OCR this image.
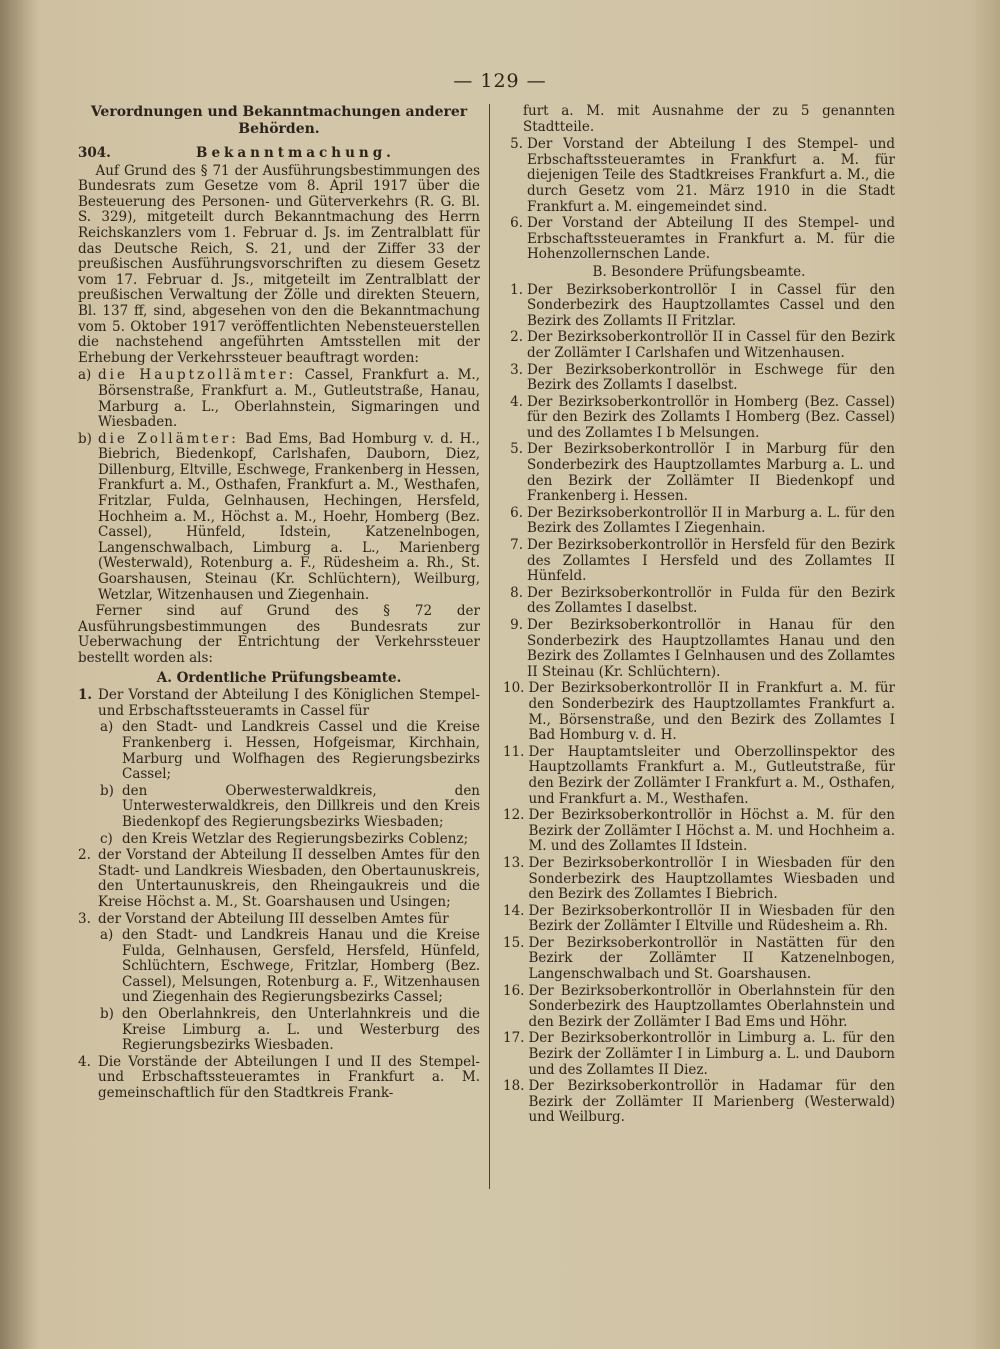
— 129 —
Verordnungen und Bekanntmachungen anderer Behörden.
304.	Bekanntmachung.
Auf Grund des § 71 der Ausführungsbestimmungen des Bundesrats zum Gesetze vom 8. April 1917 über die Besteuerung des Personen- und Güterverkehrs (R. G. Bl. S. 329), mitgeteilt durch Bekanntmachung des Herrn Reichskanzlers vom 1. Februar d. Js. im Zentralblatt für das Deutsche Reich, S. 21, und der Ziffer 33 der preußischen Ausführungsvorschriften zu diesem Gesetz vom 17. Februar d. Js., mitgeteilt im Zentralblatt der preußischen Verwaltung der Zölle und direkten Steuern, Bl. 137 ff, sind, abgesehen von den die Bekanntmachung vom 5. Oktober 1917 veröffentlichten Nebensteuerstellen die nachstehend angeführten Amtsstellen mit der Erhebung der Verkehrssteuer beauftragt worden:
a) die Hauptzollämter: Cassel, Frankfurt a. M., Börsenstraße, Frankfurt a. M., Gutleutstraße, Hanau, Marburg a. L., Oberlahnstein, Sigmaringen und Wiesbaden.
b) die Zollämter: Bad Ems, Bad Homburg v. d. H., Biebrich, Biedenkopf, Carlshafen, Dauborn, Diez, Dillenburg, Eltville, Eschwege, Frankenberg in Hessen, Frankfurt a. M., Osthafen, Frankfurt a. M., Westhafen, Fritzlar, Fulda, Gelnhausen, Hechingen, Hersfeld, Hochheim a. M., Höchst a. M., Hoehr, Homberg (Bez. Cassel), Hünfeld, Idstein, Katzenelnbogen, Langenschwalbach, Limburg a. L., Marienberg (Westerwald), Rotenburg a. F., Rüdesheim a. Rh., St. Goarshausen, Steinau (Kr. Schlüchtern), Weilburg, Wetzlar, Witzenhausen und Ziegenhain.
Ferner sind auf Grund des § 72 der Ausführungsbestimmungen des Bundesrats zur Ueberwachung der Entrichtung der Verkehrssteuer bestellt worden als:
A. Ordentliche Prüfungsbeamte.
1. Der Vorstand der Abteilung I des Königlichen Stempel- und Erbschaftssteueramts in Cassel für
a) den Stadt- und Landkreis Cassel und die Kreise Frankenberg i. Hessen, Hofgeismar, Kirchhain, Marburg und Wolfhagen des Regierungsbezirks Cassel;
b) den Oberwesterwaldkreis, den Unterwesterwaldkreis, den Dillkreis und den Kreis Biedenkopf des Regierungsbezirks Wiesbaden;
c) den Kreis Wetzlar des Regierungsbezirks Coblenz;
2. der Vorstand der Abteilung II desselben Amtes für den Stadt- und Landkreis Wiesbaden, den Obertaunuskreis, den Untertaunuskreis, den Rheingaukreis und die Kreise Höchst a. M., St. Goarshausen und Usingen;
3. der Vorstand der Abteilung III desselben Amtes für
a) den Stadt- und Landkreis Hanau und die Kreise Fulda, Gelnhausen, Gersfeld, Hersfeld, Hünfeld, Schlüchtern, Eschwege, Fritzlar, Homberg (Bez. Cassel), Melsungen, Rotenburg a. F., Witzenhausen und Ziegenhain des Regierungsbezirks Cassel;
b) den Oberlahnkreis, den Unterlahnkreis und die Kreise Limburg a. L. und Westerburg des Regierungsbezirks Wiesbaden.
4. Die Vorstände der Abteilungen I und II des Stempel- und Erbschaftssteueramtes in Frankfurt a. M. gemeinschaftlich für den Stadtkreis Frank-
furt a. M. mit Ausnahme der zu 5 genannten Stadtteile.
5. Der Vorstand der Abteilung I des Stempel- und Erbschaftssteueramtes in Frankfurt a. M. für diejenigen Teile des Stadtkreises Frankfurt a. M., die durch Gesetz vom 21. März 1910 in die Stadt Frankfurt a. M. eingemeindet sind.
6. Der Vorstand der Abteilung II des Stempel- und Erbschaftssteueramtes in Frankfurt a. M. für die Hohenzollernschen Lande.
B. Besondere Prüfungsbeamte.
1. Der Bezirksoberkontrollör I in Cassel für den Sonderbezirk des Hauptzollamtes Cassel und den Bezirk des Zollamts II Fritzlar.
2. Der Bezirksoberkontrollör II in Cassel für den Bezirk der Zollämter I Carlshafen und Witzenhausen.
3. Der Bezirksoberkontrollör in Eschwege für den Bezirk des Zollamts I daselbst.
4. Der Bezirksoberkontrollör in Homberg (Bez. Cassel) für den Bezirk des Zollamts I Homberg (Bez. Cassel) und des Zollamtes I b Melsungen.
5. Der Bezirksoberkontrollör I in Marburg für den Sonderbezirk des Hauptzollamtes Marburg a. L. und den Bezirk der Zollämter II Biedenkopf und Frankenberg i. Hessen.
6. Der Bezirksoberkontrollör II in Marburg a. L. für den Bezirk des Zollamtes I Ziegenhain.
7. Der Bezirksoberkontrollör in Hersfeld für den Bezirk des Zollamtes I Hersfeld und des Zollamtes II Hünfeld.
8. Der Bezirksoberkontrollör in Fulda für den Bezirk des Zollamtes I daselbst.
9. Der Bezirksoberkontrollör in Hanau für den Sonderbezirk des Hauptzollamtes Hanau und den Bezirk des Zollamtes I Gelnhausen und des Zollamtes II Steinau (Kr. Schlüchtern).
10. Der Bezirksoberkontrollör II in Frankfurt a. M. für den Sonderbezirk des Hauptzollamtes Frankfurt a. M., Börsenstraße, und den Bezirk des Zollamtes I Bad Homburg v. d. H.
11. Der Hauptamtsleiter und Oberzollinspektor des Hauptzollamts Frankfurt a. M., Gutleutstraße, für den Bezirk der Zollämter I Frankfurt a. M., Osthafen, und Frankfurt a. M., Westhafen.
12. Der Bezirksoberkontrollör in Höchst a. M. für den Bezirk der Zollämter I Höchst a. M. und Hochheim a. M. und des Zollamtes II Idstein.
13. Der Bezirksoberkontrollör I in Wiesbaden für den Sonderbezirk des Hauptzollamtes Wiesbaden und den Bezirk des Zollamtes I Biebrich.
14. Der Bezirksoberkontrollör II in Wiesbaden für den Bezirk der Zollämter I Eltville und Rüdesheim a. Rh.
15. Der Bezirksoberkontrollör in Nastätten für den Bezirk der Zollämter II Katzenelnbogen, Langenschwalbach und St. Goarshausen.
16. Der Bezirksoberkontrollör in Oberlahnstein für den Sonderbezirk des Hauptzollamtes Oberlahnstein und den Bezirk der Zollämter I Bad Ems und Höhr.
17. Der Bezirksoberkontrollör in Limburg a. L. für den Bezirk der Zollämter I in Limburg a. L. und Dauborn und des Zollamtes II Diez.
18. Der Bezirksoberkontrollör in Hadamar für den Bezirk der Zollämter II Marienberg (Westerwald) und Weilburg.
